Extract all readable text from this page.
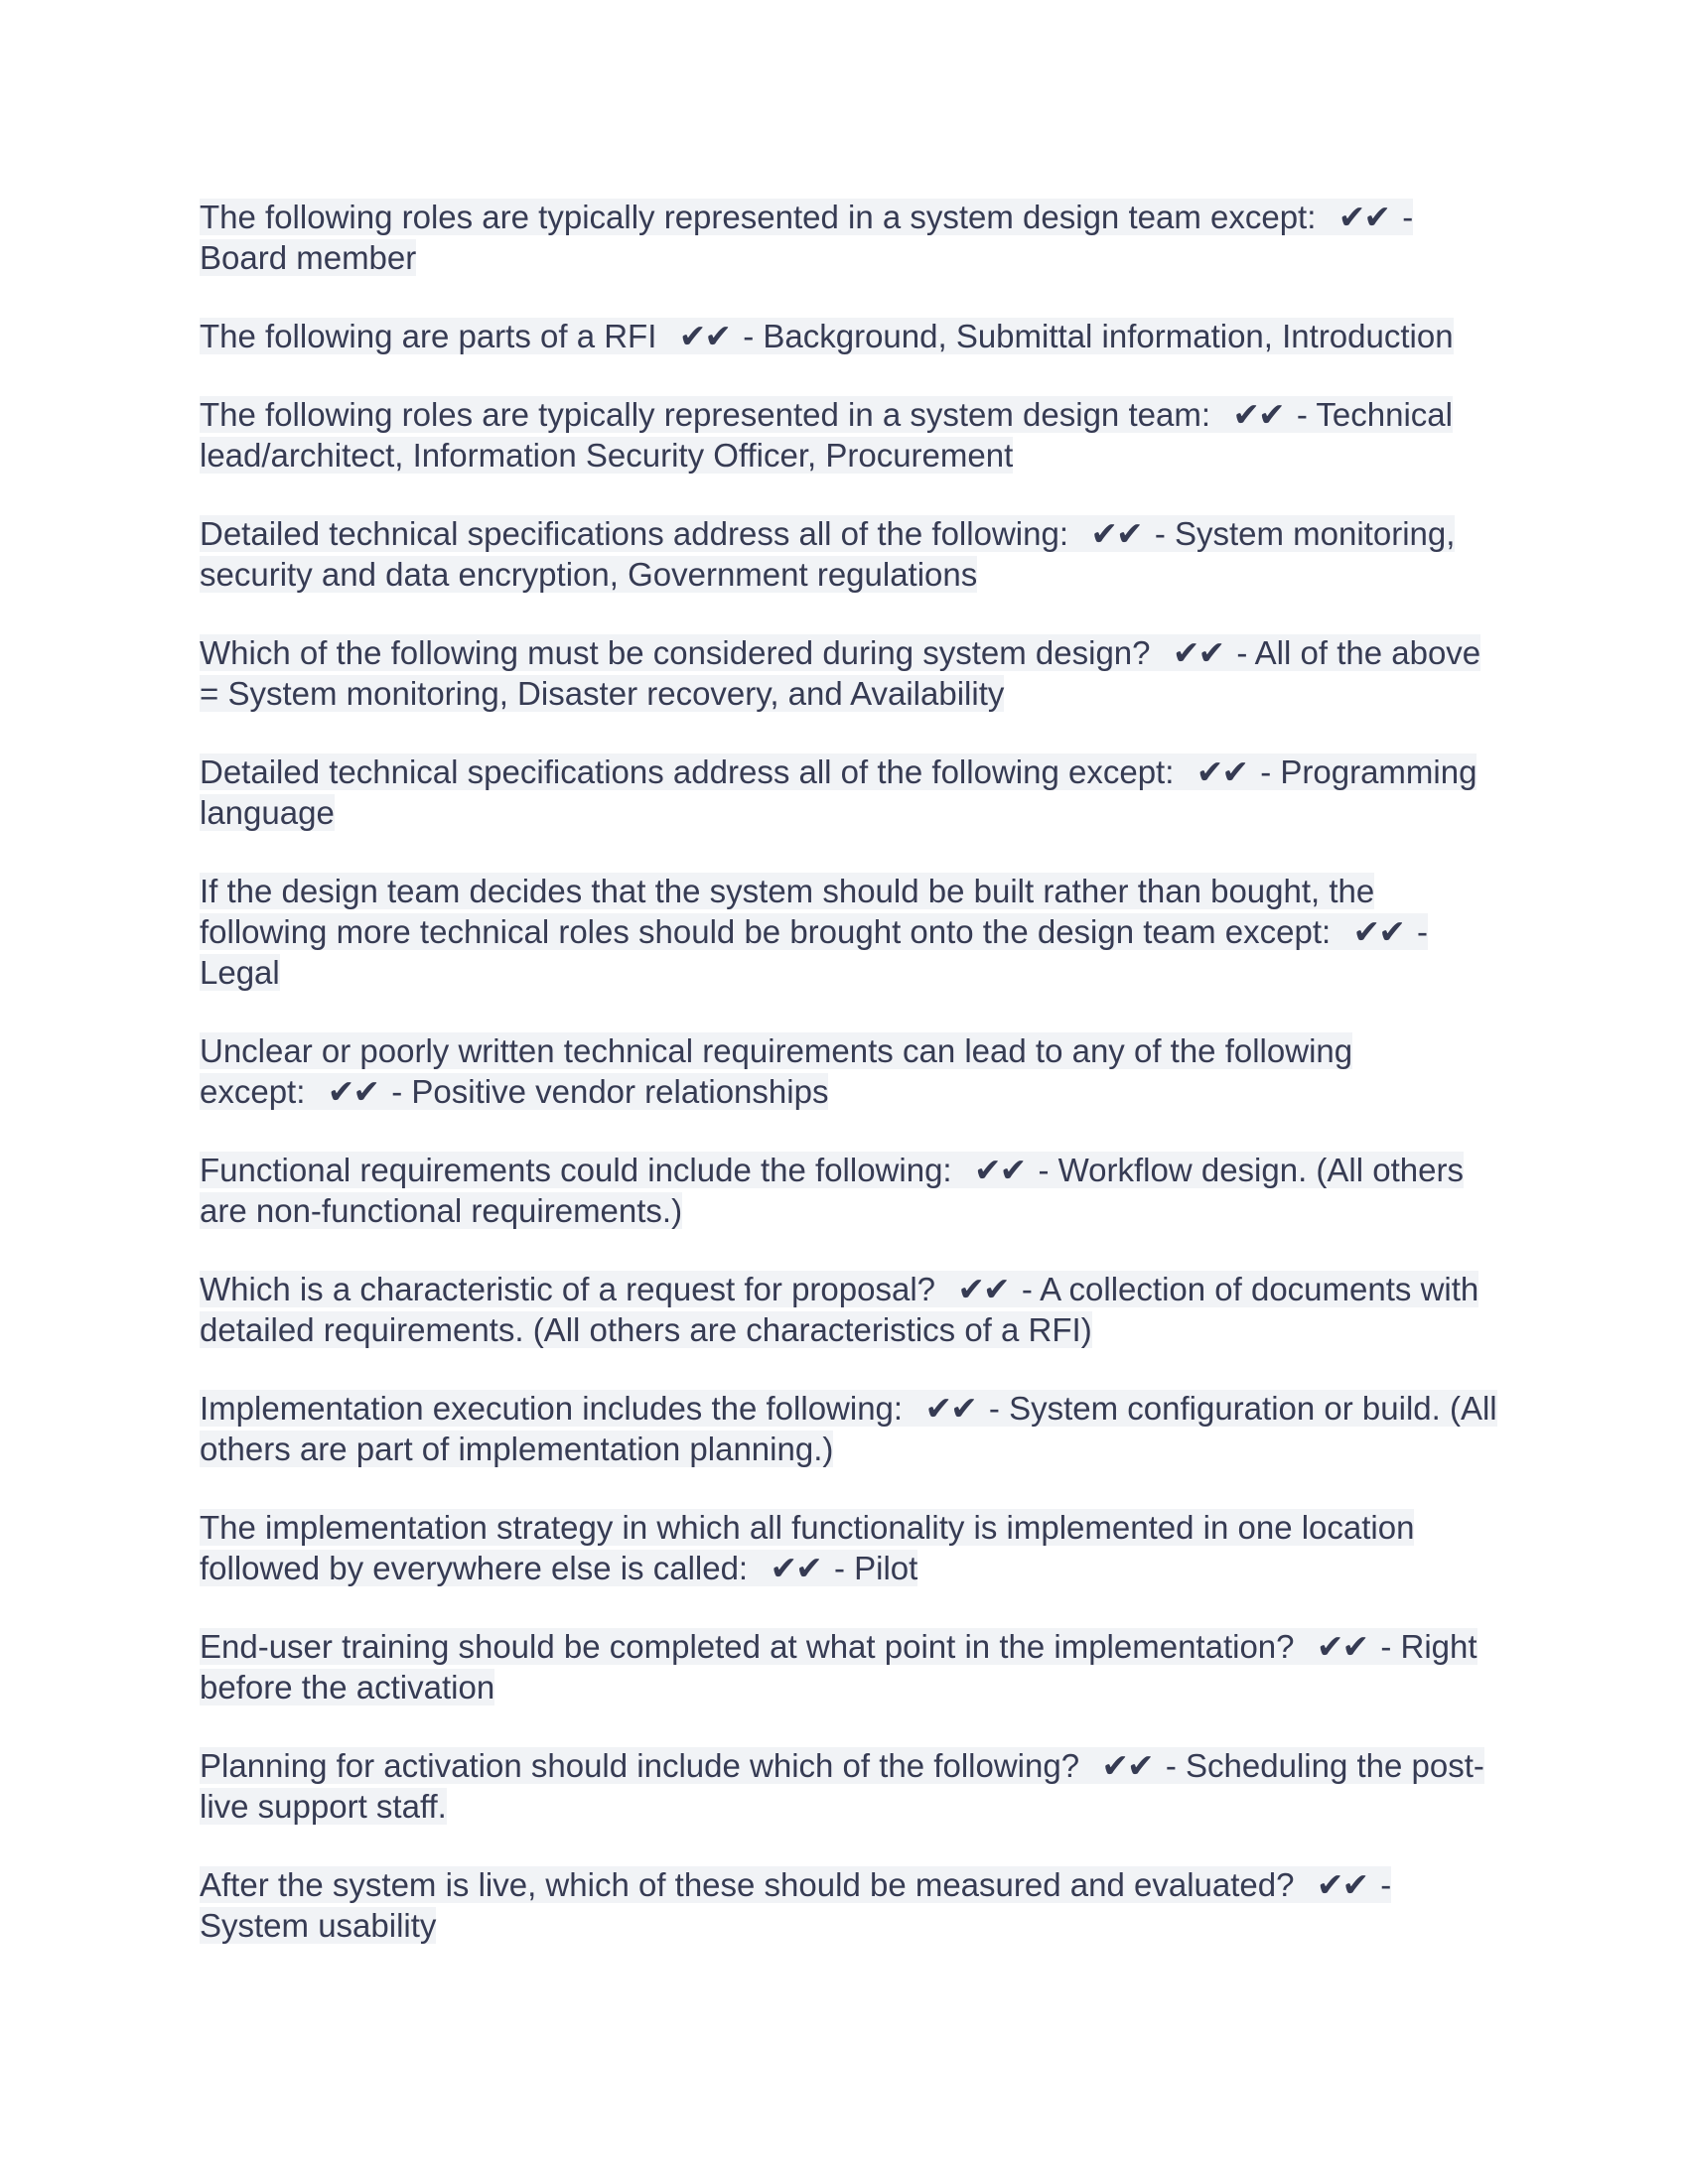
The following roles are typically represented in a system design team except: ✔✔ - Board member

The following are parts of a RFI ✔✔ - Background, Submittal information, Introduction

The following roles are typically represented in a system design team: ✔✔ - Technical lead/architect, Information Security Officer, Procurement

Detailed technical specifications address all of the following: ✔✔ - System monitoring, security and data encryption, Government regulations

Which of the following must be considered during system design? ✔✔ - All of the above = System monitoring, Disaster recovery, and Availability

Detailed technical specifications address all of the following except: ✔✔ - Programming language

If the design team decides that the system should be built rather than bought, the following more technical roles should be brought onto the design team except: ✔✔ - Legal

Unclear or poorly written technical requirements can lead to any of the following except: ✔✔ - Positive vendor relationships

Functional requirements could include the following: ✔✔ - Workflow design. (All others are non-functional requirements.)

Which is a characteristic of a request for proposal? ✔✔ - A collection of documents with detailed requirements. (All others are characteristics of a RFI)

Implementation execution includes the following: ✔✔ - System configuration or build. (All others are part of implementation planning.)

The implementation strategy in which all functionality is implemented in one location followed by everywhere else is called: ✔✔ - Pilot

End-user training should be completed at what point in the implementation? ✔✔ - Right before the activation

Planning for activation should include which of the following? ✔✔ - Scheduling the post-live support staff.

After the system is live, which of these should be measured and evaluated? ✔✔ - System usability
